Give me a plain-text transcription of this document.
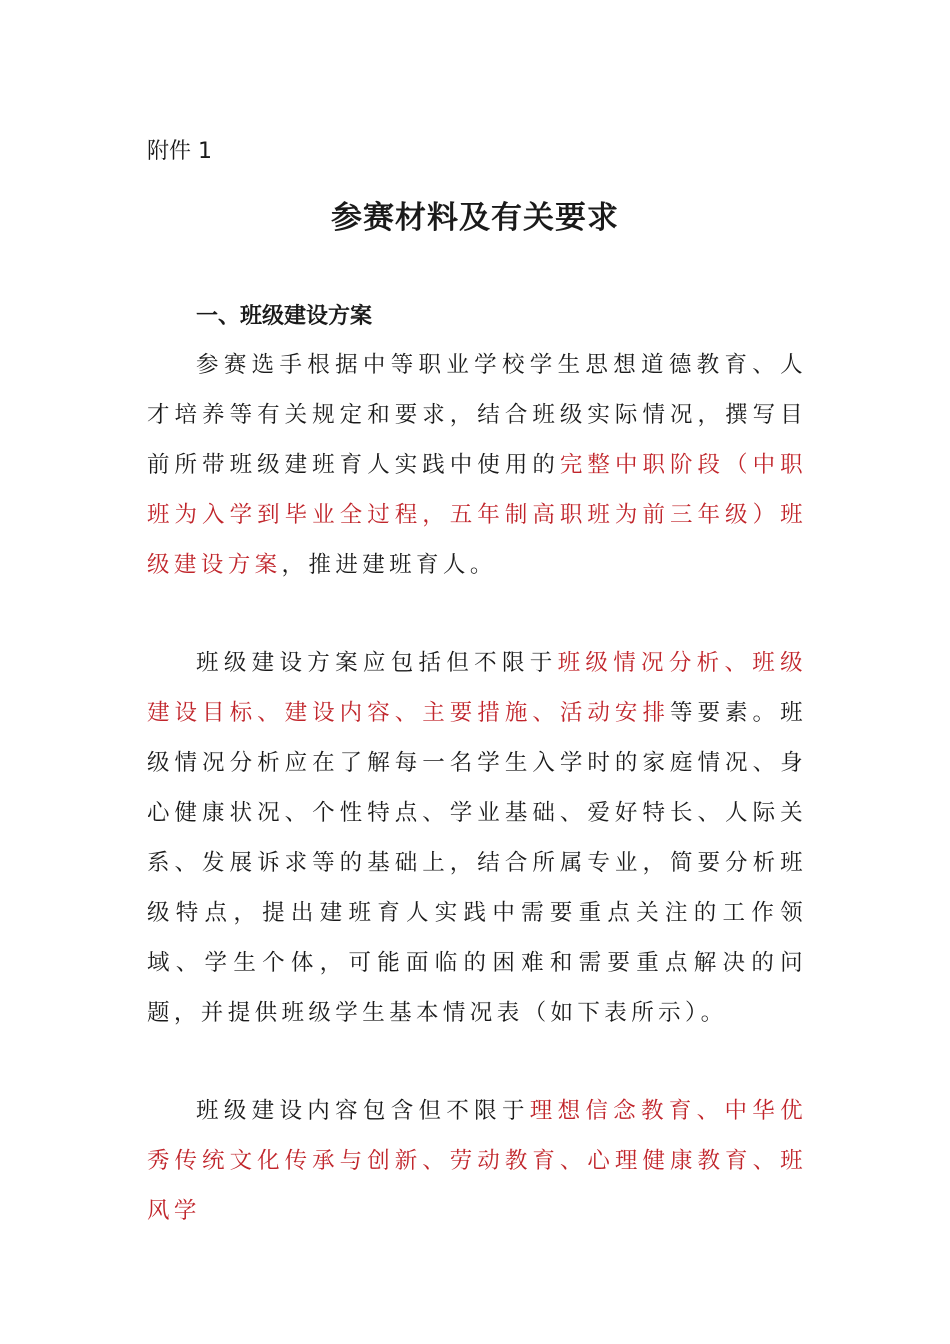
附件 1
参赛材料及有关要求
一、班级建设方案

参赛选手根据中等职业学校学生思想道德教育、人才培养等有关规定和要求，结合班级实际情况，撰写目前所带班级建班育人实践中使用的完整中职阶段（中职班为入学到毕业全过程，五年制高职班为前三年级）班级建设方案，推进建班育人。

班级建设方案应包括但不限于班级情况分析、班级建设目标、建设内容、主要措施、活动安排等要素。班级情况分析应在了解每一名学生入学时的家庭情况、身心健康状况、个性特点、学业基础、爱好特长、人际关系、发展诉求等的基础上，结合所属专业，简要分析班级特点，提出建班育人实践中需要重点关注的工作领域、学生个体，可能面临的困难和需要重点解决的问题，并提供班级学生基本情况表（如下表所示）。

班级建设内容包含但不限于理想信念教育、中华优秀传统文化传承与创新、劳动教育、心理健康教育、班风学
